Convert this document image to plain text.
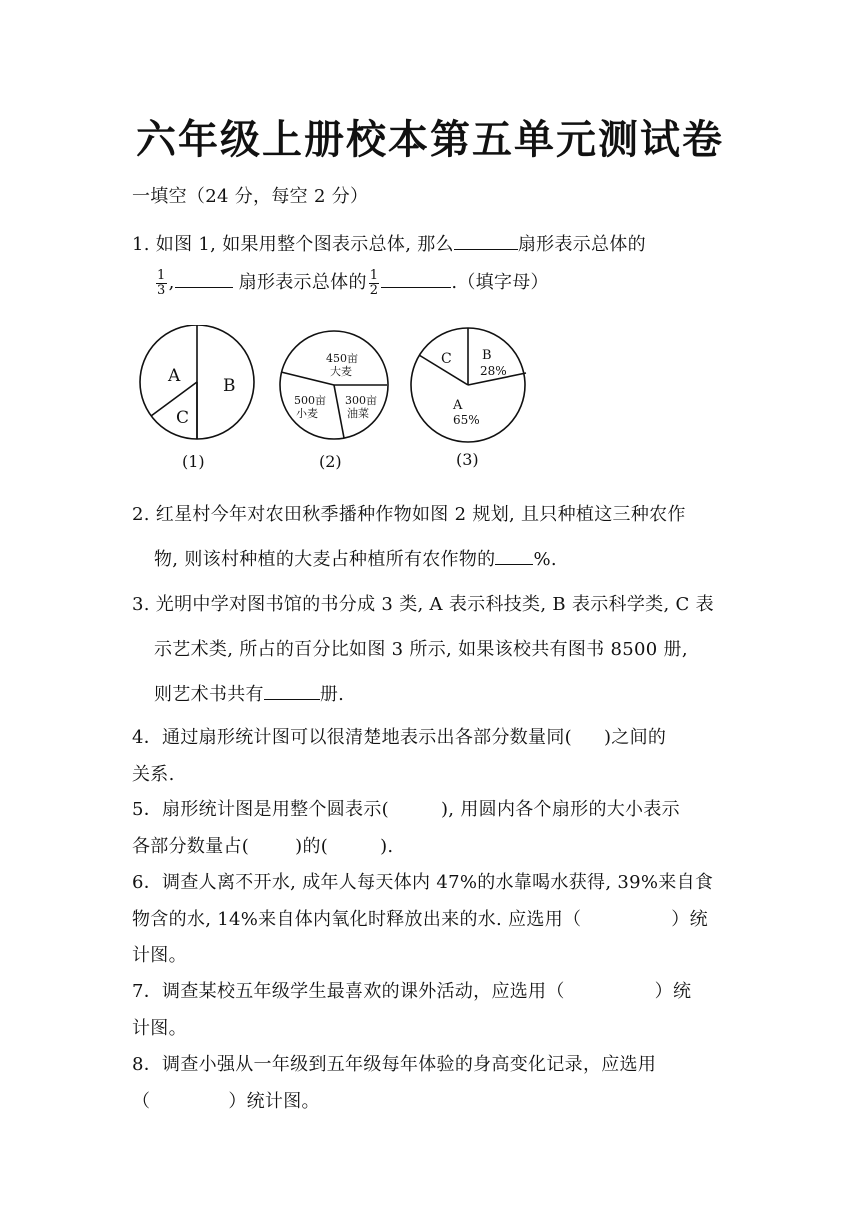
六年级上册校本第五单元测试卷
一填空（24 分，每空 2 分）
1. 如图 1, 如果用整个图表示总体, 那么	扇形表示总体的
$\frac{1}{3}$ ,	扇形表示总体的 $\frac{1}{2}$	.（填字母）
A	B
C
(1)
450亩
大麦
500亩
小麦
300亩
油菜
(2)
C B
28%
A
65%
(3)
2. 红星村今年对农田秋季播种作物如图 2 规划, 且只种植这三种农作
物, 则该村种植的大麦占种植所有农作物的 %.
3. 光明中学对图书馆的书分成 3 类, A 表示科技类, B 表示科学类, C 表
示艺术类, 所占的百分比如图 3 所示, 如果该校共有图书 8500 册,
则艺术书共有	册.
4．通过扇形统计图可以很清楚地表示出各部分数量同( )之间的
关系.
5．扇形统计图是用整个圆表示(	), 用圆内各个扇形的大小表示
各部分数量占(	)的(	).
6．调查人离不开水, 成年人每天体内 47%的水靠喝水获得, 39%来自食
物含的水, 14%来自体内氧化时释放出来的水. 应选用（	）统
计图。
7．调查某校五年级学生最喜欢的课外活动，应选用（	）统
计图。
8．调查小强从一年级到五年级每年体验的身高变化记录，应选用
（	）统计图。
